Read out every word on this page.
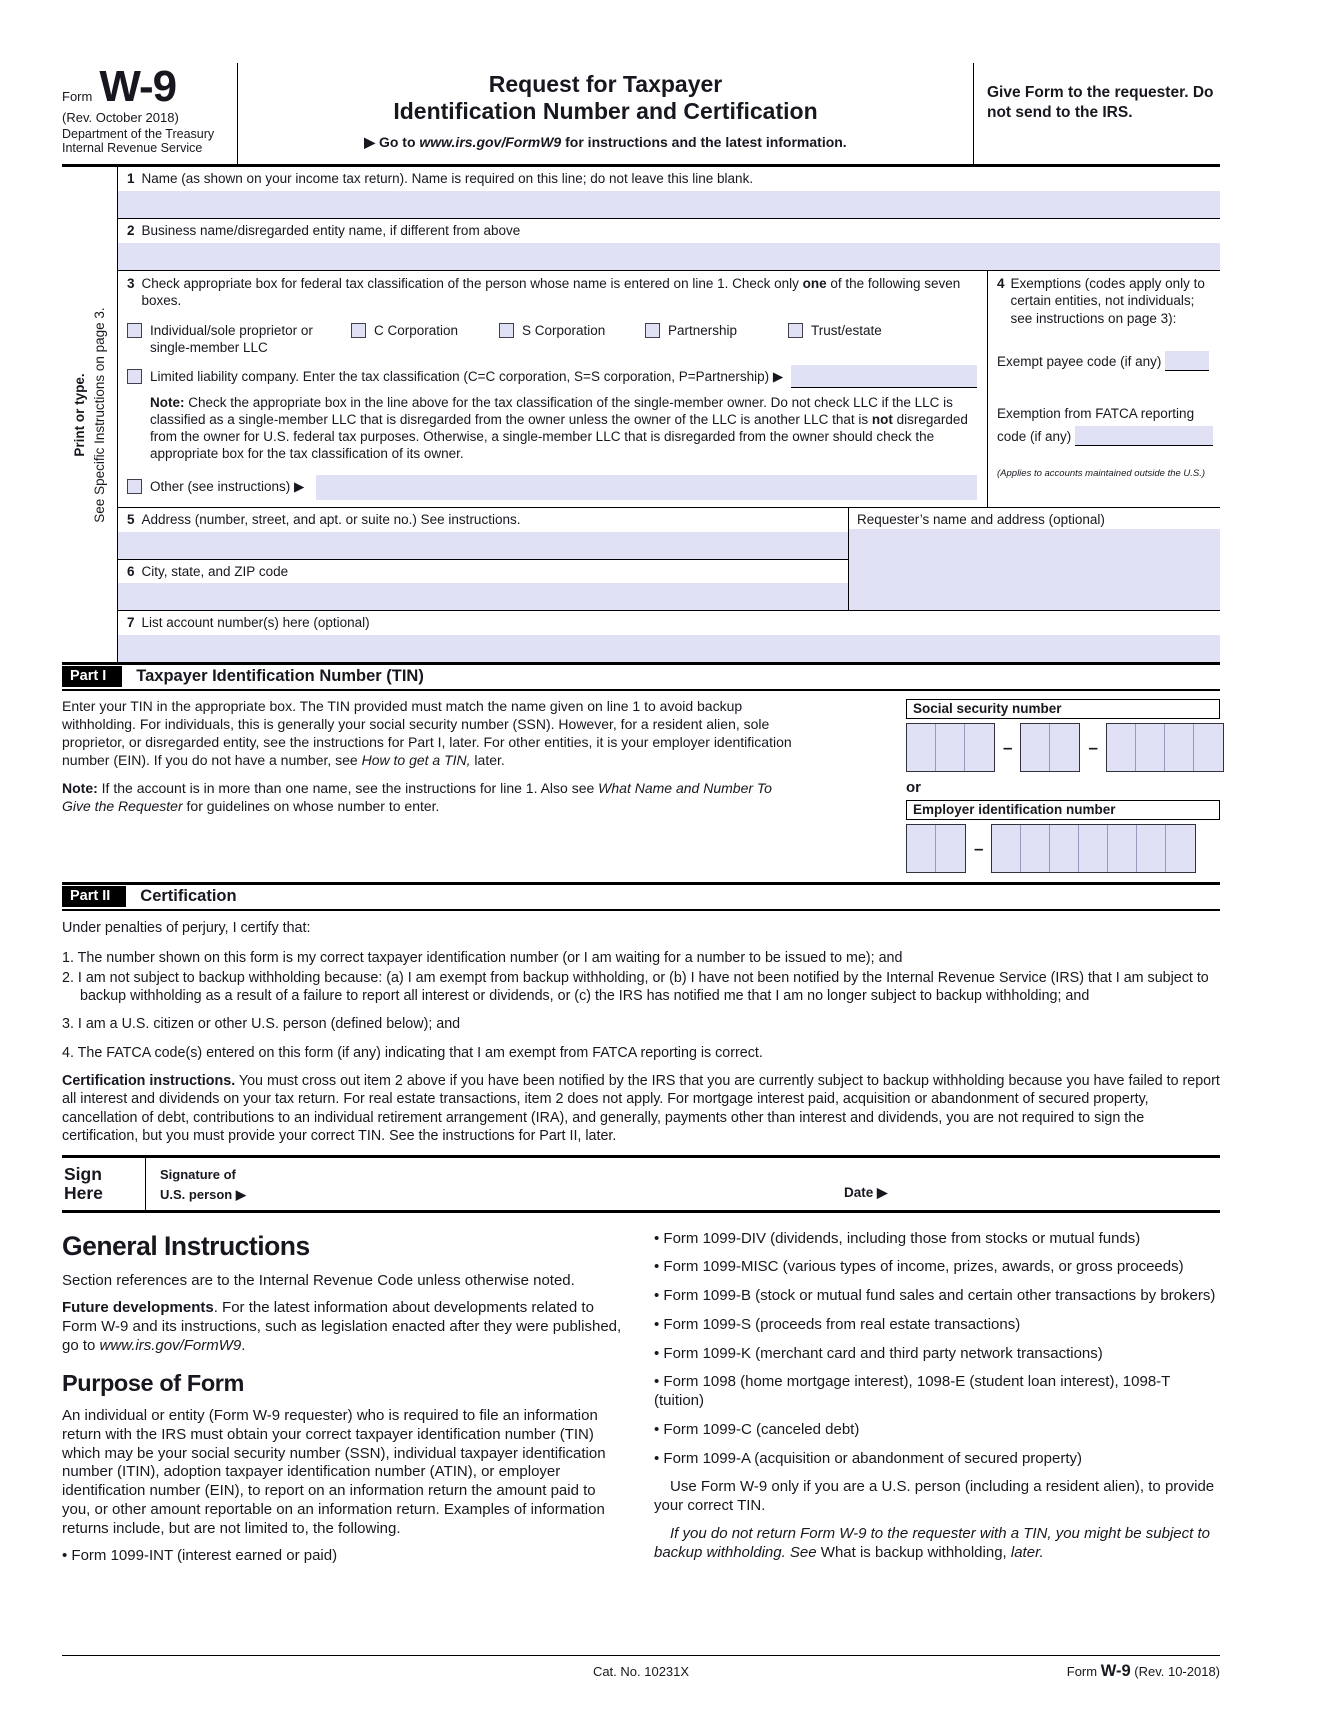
Form W-9
(Rev. October 2018)
Department of the Treasury
Internal Revenue Service
Request for Taxpayer
Identification Number and Certification
▶ Go to www.irs.gov/FormW9 for instructions and the latest information.
Give Form to the requester. Do not send to the IRS.
Print or type. See Specific Instructions on page 3.
1 Name (as shown on your income tax return). Name is required on this line; do not leave this line blank.
2 Business name/disregarded entity name, if different from above
3 Check appropriate box for federal tax classification of the person whose name is entered on line 1. Check only one of the following seven boxes.
Individual/sole proprietor or single-member LLC
C Corporation	S Corporation	Partnership	Trust/estate
Limited liability company. Enter the tax classification (C=C corporation, S=S corporation, P=Partnership) ▶
Note: Check the appropriate box in the line above for the tax classification of the single-member owner. Do not check LLC if the LLC is classified as a single-member LLC that is disregarded from the owner unless the owner of the LLC is another LLC that is not disregarded from the owner for U.S. federal tax purposes. Otherwise, a single-member LLC that is disregarded from the owner should check the appropriate box for the tax classification of its owner.
Other (see instructions) ▶
4 Exemptions (codes apply only to certain entities, not individuals; see instructions on page 3):
Exempt payee code (if any)
Exemption from FATCA reporting
code (if any)
(Applies to accounts maintained outside the U.S.)
5 Address (number, street, and apt. or suite no.) See instructions.
6 City, state, and ZIP code
Requester’s name and address (optional)
7 List account number(s) here (optional)
Part I	Taxpayer Identification Number (TIN)

Enter your TIN in the appropriate box. The TIN provided must match the name given on line 1 to avoid backup withholding. For individuals, this is generally your social security number (SSN). However, for a resident alien, sole proprietor, or disregarded entity, see the instructions for Part I, later. For other entities, it is your employer identification number (EIN). If you do not have a number, see How to get a TIN, later.

Note: If the account is in more than one name, see the instructions for line 1. Also see What Name and Number To Give the Requester for guidelines on whose number to enter.

Social security number
–	–
or
Employer identification number
–
Part II	Certification
Under penalties of perjury, I certify that:
1. The number shown on this form is my correct taxpayer identification number (or I am waiting for a number to be issued to me); and
2. I am not subject to backup withholding because: (a) I am exempt from backup withholding, or (b) I have not been notified by the Internal Revenue Service (IRS) that I am subject to backup withholding as a result of a failure to report all interest or dividends, or (c) the IRS has notified me that I am no longer subject to backup withholding; and
3. I am a U.S. citizen or other U.S. person (defined below); and
4. The FATCA code(s) entered on this form (if any) indicating that I am exempt from FATCA reporting is correct.
Certification instructions. You must cross out item 2 above if you have been notified by the IRS that you are currently subject to backup withholding because you have failed to report all interest and dividends on your tax return. For real estate transactions, item 2 does not apply. For mortgage interest paid, acquisition or abandonment of secured property, cancellation of debt, contributions to an individual retirement arrangement (IRA), and generally, payments other than interest and dividends, you are not required to sign the certification, but you must provide your correct TIN. See the instructions for Part II, later.
Sign
Here
Signature of
U.S. person ▶	Date ▶
General Instructions

Section references are to the Internal Revenue Code unless otherwise noted.

Future developments. For the latest information about developments related to Form W-9 and its instructions, such as legislation enacted after they were published, go to www.irs.gov/FormW9.

Purpose of Form

An individual or entity (Form W-9 requester) who is required to file an information return with the IRS must obtain your correct taxpayer identification number (TIN) which may be your social security number (SSN), individual taxpayer identification number (ITIN), adoption taxpayer identification number (ATIN), or employer identification number (EIN), to report on an information return the amount paid to you, or other amount reportable on an information return. Examples of information returns include, but are not limited to, the following.

• Form 1099-INT (interest earned or paid)

• Form 1099-DIV (dividends, including those from stocks or mutual funds)

• Form 1099-MISC (various types of income, prizes, awards, or gross proceeds)

• Form 1099-B (stock or mutual fund sales and certain other transactions by brokers)

• Form 1099-S (proceeds from real estate transactions)

• Form 1099-K (merchant card and third party network transactions)

• Form 1098 (home mortgage interest), 1098-E (student loan interest), 1098-T (tuition)

• Form 1099-C (canceled debt)

• Form 1099-A (acquisition or abandonment of secured property)

Use Form W-9 only if you are a U.S. person (including a resident alien), to provide your correct TIN.

If you do not return Form W-9 to the requester with a TIN, you might be subject to backup withholding. See What is backup withholding, later.

Cat. No. 10231X	Form W-9 (Rev. 10-2018)
